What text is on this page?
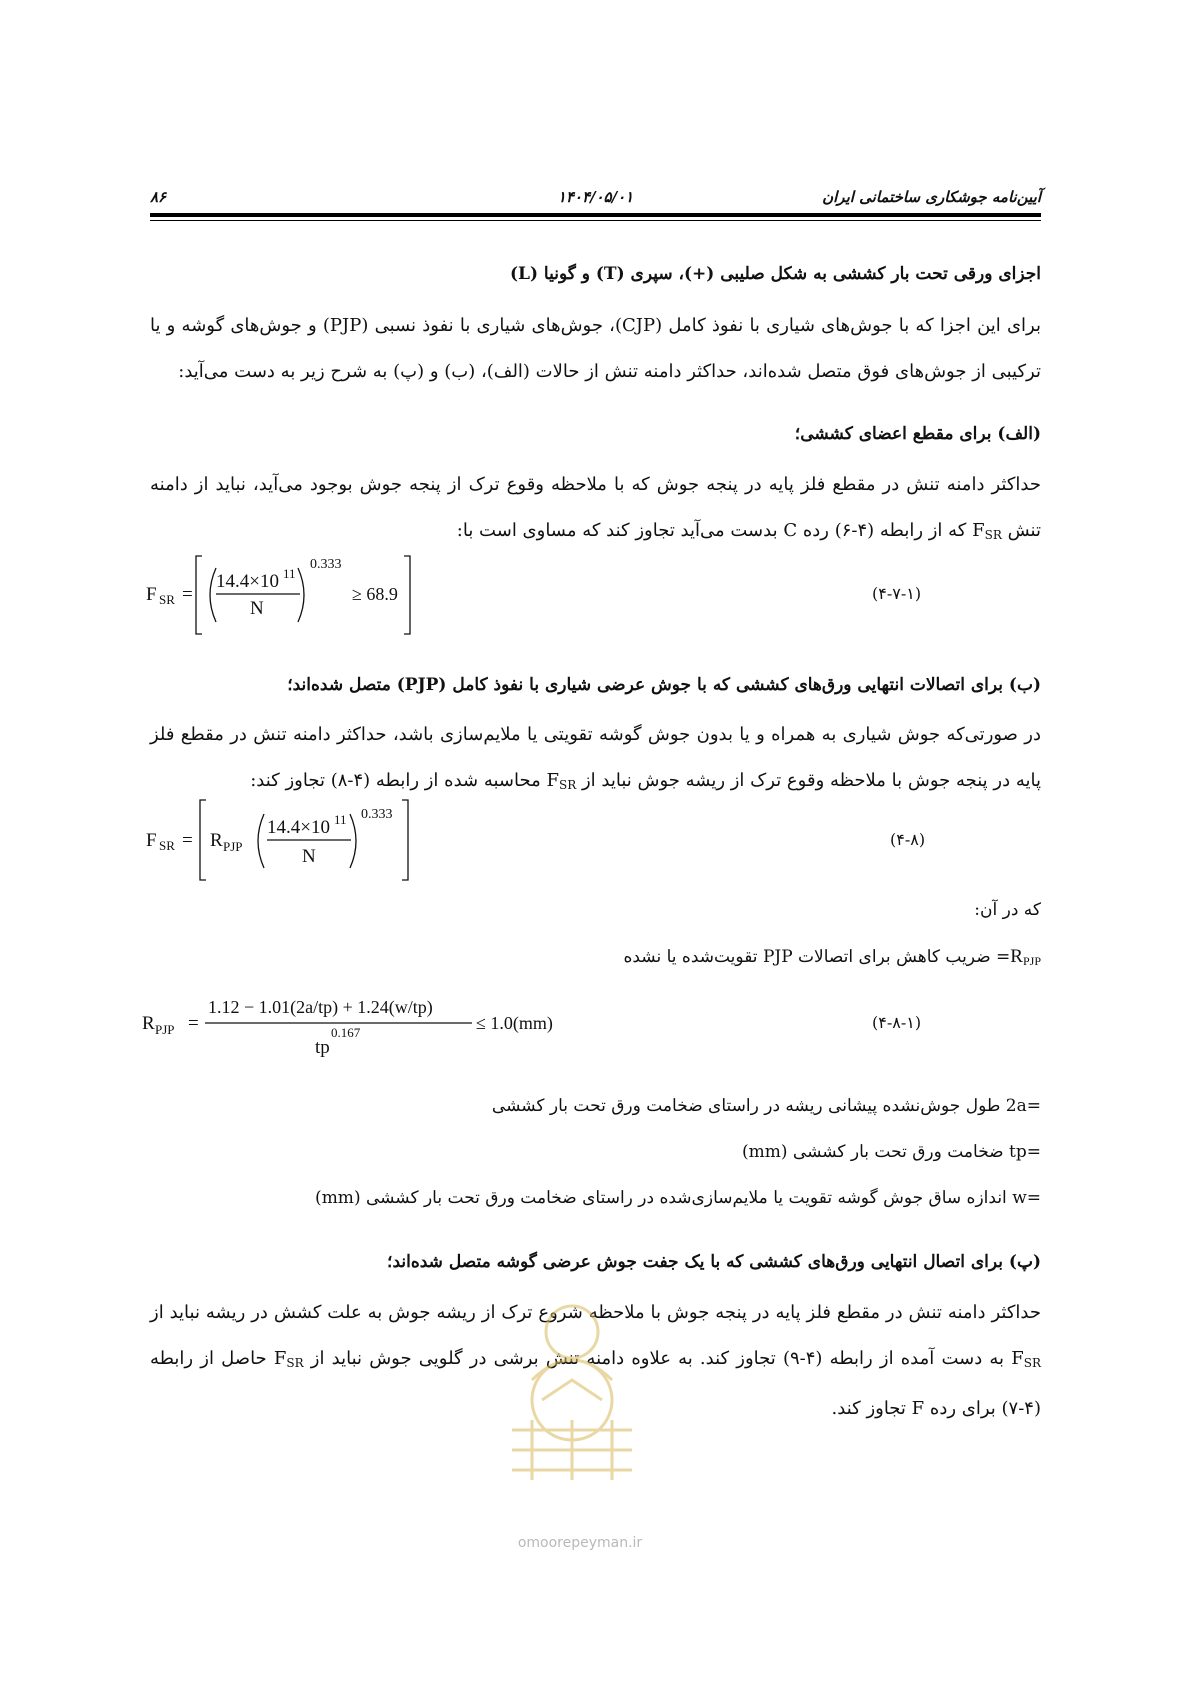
آیین‌نامه جوشکاری ساختمانی ایران
۱۴۰۴/۰۵/۰۱
۸۶
اجزای ورقی تحت بار کششی به شکل صلیبی (+)، سپری (T) و گونیا (L)
برای این اجزا که با جوش‌های شیاری با نفوذ کامل (CJP)، جوش‌های شیاری با نفوذ نسبی (PJP) و جوش‌های گوشه و یا ترکیبی از جوش‌های فوق متصل شده‌اند، حداکثر دامنه تنش از حالات (الف)، (ب) و (پ) به شرح زیر به دست می‌آید:
(الف) برای مقطع اعضای کششی؛
حداکثر دامنه تنش در مقطع فلز پایه در پنجه جوش که با ملاحظه وقوع ترک از پنجه جوش بوجود می‌آید، نباید از دامنه تنش $F_{SR}$ که از رابطه (۴-۶) رده C بدست می‌آید تجاوز کند که مساوی است با:
F SR =
14.4×10 11
N
0.333
≥ 68.9	(۴-۷-۱)
(ب) برای اتصالات انتهایی ورق‌های کششی که با جوش عرضی شیاری با نفوذ کامل (PJP) متصل شده‌اند؛
در صورتی‌که جوش شیاری به همراه و یا بدون جوش گوشه تقویتی یا ملایم‌سازی باشد، حداکثر دامنه تنش در مقطع فلز پایه در پنجه جوش با ملاحظه وقوع ترک از ریشه جوش نباید از $F_{SR}$ محاسبه شده از رابطه (۴-۸) تجاوز کند:
F SR = R PJP
14.4×10 11
N
0.333
(۴-۸)
که در آن:
$R_{PJP}=$ ضریب کاهش برای اتصالات PJP تقویت‌شده یا نشده
R PJP =
1.12 − 1.01(2a/tp) + 1.24(w/tp)
tp
0.167	≤ 1.0(mm)	(۴-۸-۱)
=2a طول جوش‌نشده پیشانی ریشه در راستای ضخامت ورق تحت بار کششی
=tp ضخامت ورق تحت بار کششی (mm)
=w اندازه ساق جوش گوشه تقویت یا ملایم‌سازی‌شده در راستای ضخامت ورق تحت بار کششی (mm)
(پ) برای اتصال انتهایی ورق‌های کششی که با یک جفت جوش عرضی گوشه متصل شده‌اند؛
حداکثر دامنه تنش در مقطع فلز پایه در پنجه جوش با ملاحظه شروع ترک از ریشه جوش به علت کشش در ریشه نباید از $F_{SR}$ به دست آمده از رابطه (۴-۹) تجاوز کند. به علاوه دامنه تنش برشی در گلویی جوش نباید از $F_{SR}$ حاصل از رابطه (۴-۷) برای رده F تجاوز کند.
omoorepeyman.ir
